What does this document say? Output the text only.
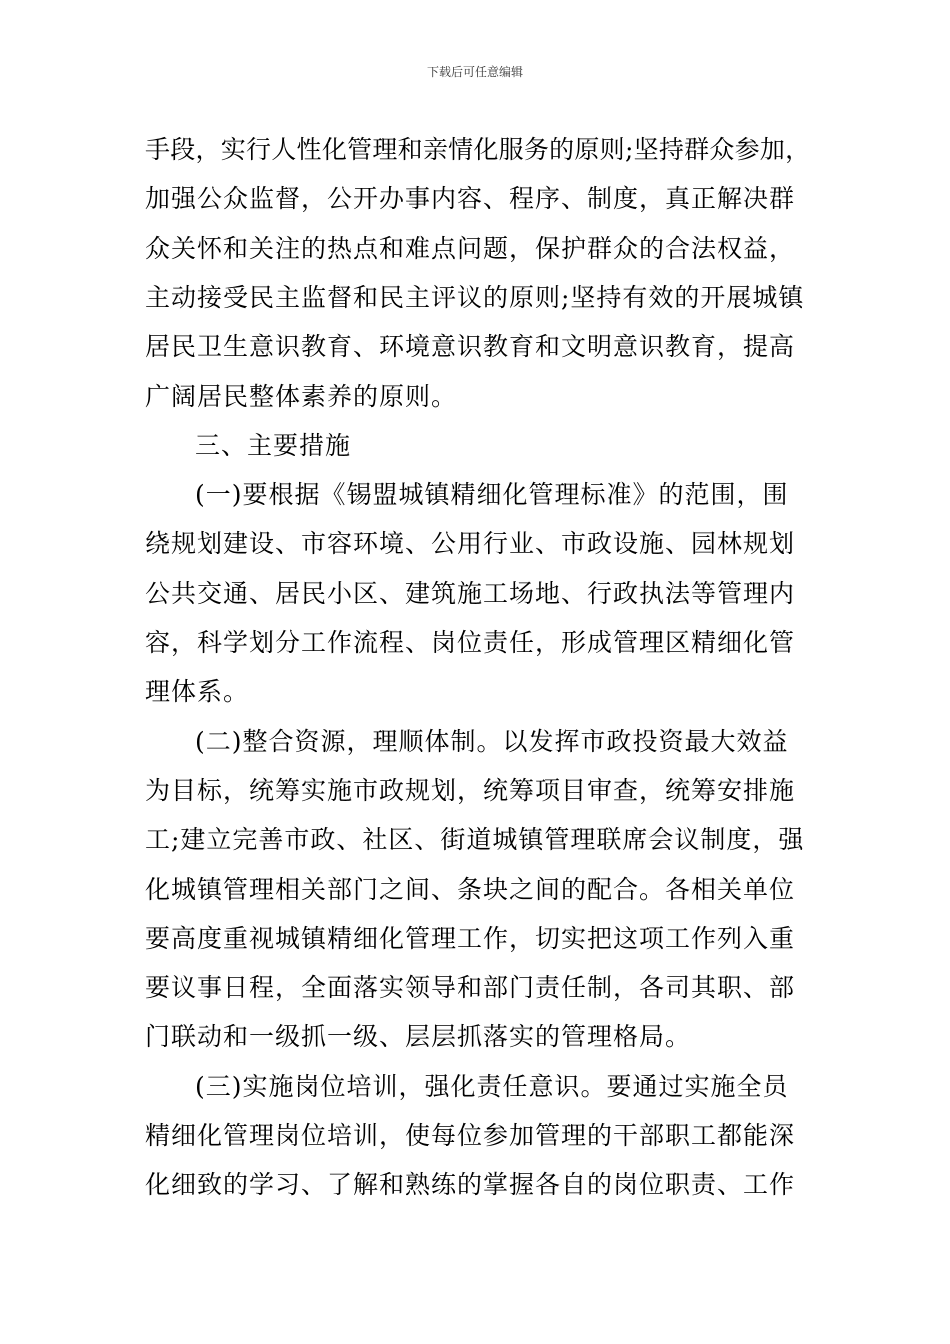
下载后可任意编辑
手段，实行人性化管理和亲情化服务的原则;坚持群众参加，
加强公众监督，公开办事内容、程序、制度，真正解决群
众关怀和关注的热点和难点问题，保护群众的合法权益，
主动接受民主监督和民主评议的原则;坚持有效的开展城镇
居民卫生意识教育、环境意识教育和文明意识教育，提高
广阔居民整体素养的原则。
三、主要措施
(一)要根据《锡盟城镇精细化管理标准》的范围，围
绕规划建设、市容环境、公用行业、市政设施、园林规划
公共交通、居民小区、建筑施工场地、行政执法等管理内
容，科学划分工作流程、岗位责任，形成管理区精细化管
理体系。
(二)整合资源，理顺体制。以发挥市政投资最大效益
为目标，统筹实施市政规划，统筹项目审查，统筹安排施
工;建立完善市政、社区、街道城镇管理联席会议制度，强
化城镇管理相关部门之间、条块之间的配合。各相关单位
要高度重视城镇精细化管理工作，切实把这项工作列入重
要议事日程，全面落实领导和部门责任制，各司其职、部
门联动和一级抓一级、层层抓落实的管理格局。
(三)实施岗位培训，强化责任意识。要通过实施全员
精细化管理岗位培训，使每位参加管理的干部职工都能深
化细致的学习、了解和熟练的掌握各自的岗位职责、工作
